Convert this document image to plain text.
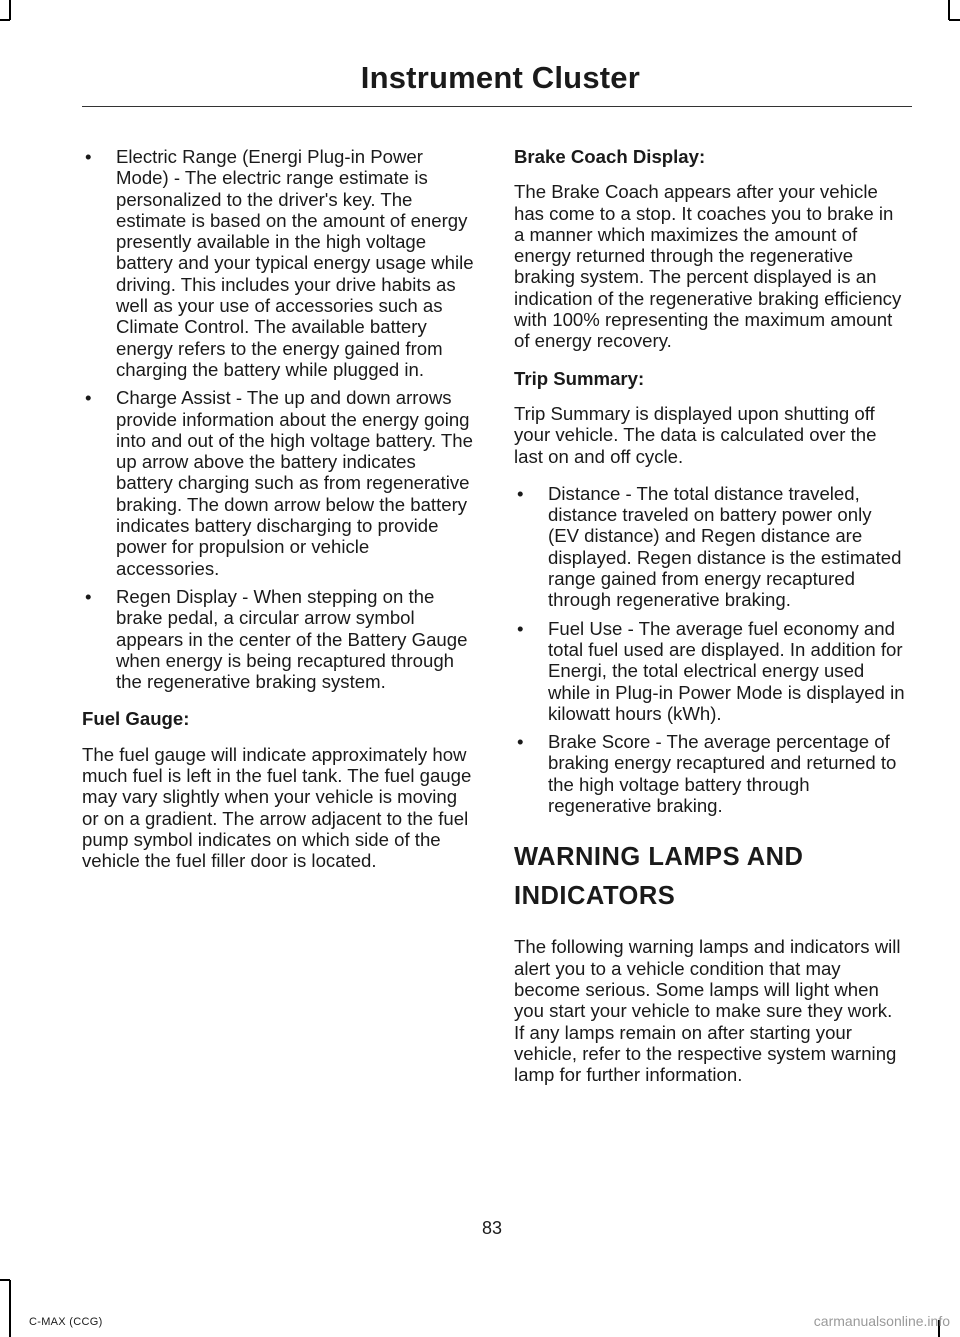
Instrument Cluster
• Electric Range (Energi Plug-in Power Mode) - The electric range estimate is personalized to the driver's key. The estimate is based on the amount of energy presently available in the high voltage battery and your typical energy usage while driving. This includes your drive habits as well as your use of accessories such as Climate Control. The available battery energy refers to the energy gained from charging the battery while plugged in.
• Charge Assist - The up and down arrows provide information about the energy going into and out of the high voltage battery. The up arrow above the battery indicates battery charging such as from regenerative braking. The down arrow below the battery indicates battery discharging to provide power for propulsion or vehicle accessories.
• Regen Display - When stepping on the brake pedal, a circular arrow symbol appears in the center of the Battery Gauge when energy is being recaptured through the regenerative braking system.
Fuel Gauge:

The fuel gauge will indicate approximately how much fuel is left in the fuel tank. The fuel gauge may vary slightly when your vehicle is moving or on a gradient. The arrow adjacent to the fuel pump symbol indicates on which side of the vehicle the fuel filler door is located.

Brake Coach Display:

The Brake Coach appears after your vehicle has come to a stop. It coaches you to brake in a manner which maximizes the amount of energy returned through the regenerative braking system. The percent displayed is an indication of the regenerative braking efficiency with 100% representing the maximum amount of energy recovery.

Trip Summary:

Trip Summary is displayed upon shutting off your vehicle. The data is calculated over the last on and off cycle.

• Distance - The total distance traveled, distance traveled on battery power only (EV distance) and Regen distance are displayed. Regen distance is the estimated range gained from energy recaptured through regenerative braking.
• Fuel Use - The average fuel economy and total fuel used are displayed. In addition for Energi, the total electrical energy used while in Plug-in Power Mode is displayed in kilowatt hours (kWh).
• Brake Score - The average percentage of braking energy recaptured and returned to the high voltage battery through regenerative braking.
WARNING LAMPS AND
INDICATORS

The following warning lamps and indicators will alert you to a vehicle condition that may become serious. Some lamps will light when you start your vehicle to make sure they work. If any lamps remain on after starting your vehicle, refer to the respective system warning lamp for further information.

83
C-MAX (CCG)	carmanualsonline.info
